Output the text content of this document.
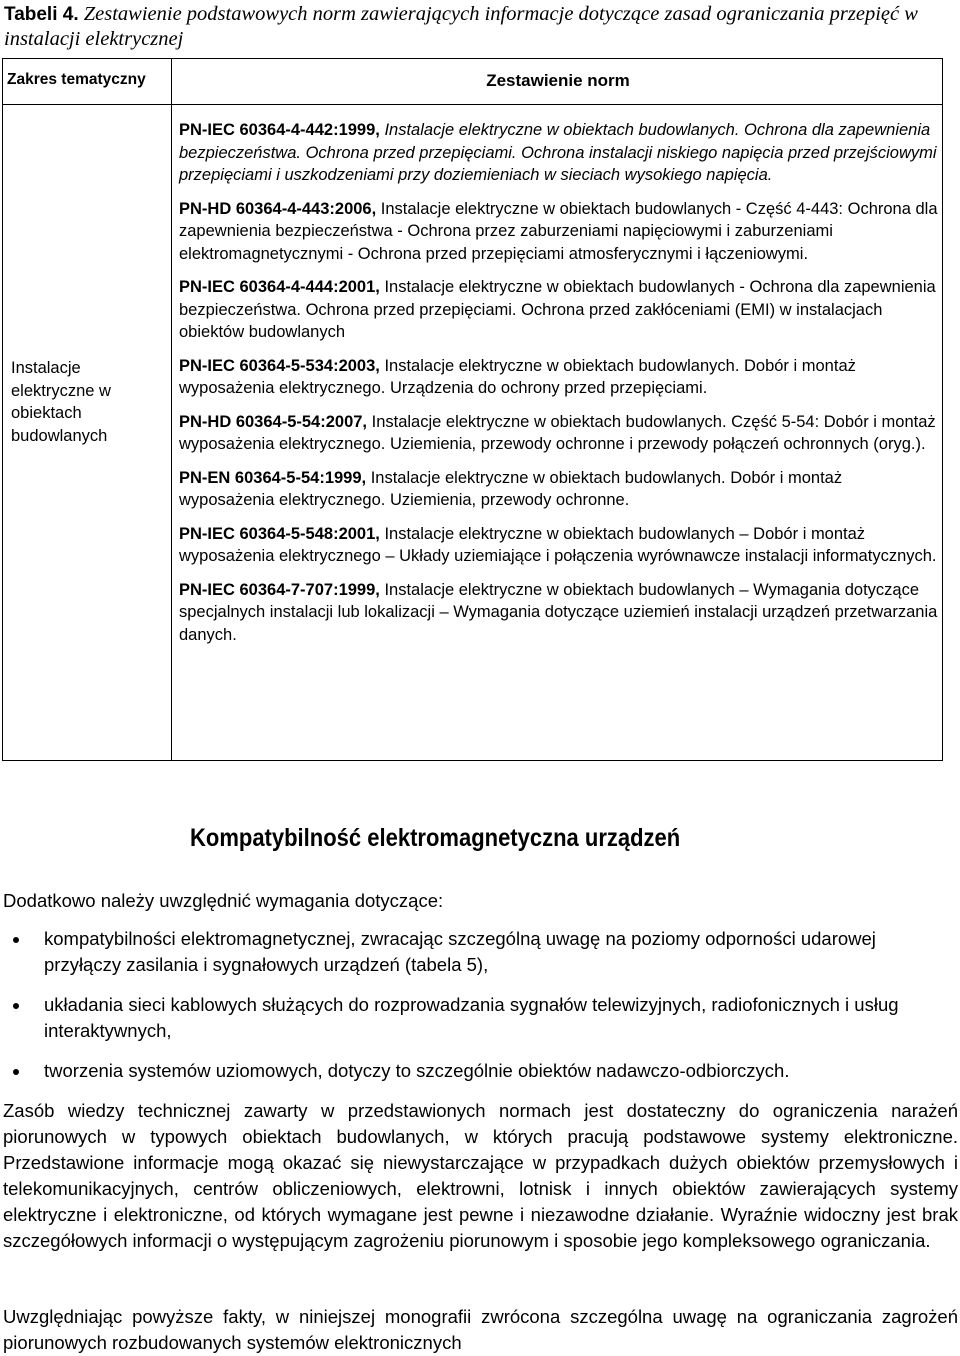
Tabeli 4. Zestawienie podstawowych norm zawierających informacje dotyczące zasad ograniczania przepięć w instalacji elektrycznej
Zakres tematyczny	Zestawienie norm
Instalacje elektryczne w obiektach budowlanych

PN-IEC 60364-4-442:1999, Instalacje elektryczne w obiektach budowlanych. Ochrona dla zapewnienia bezpieczeństwa. Ochrona przed przepięciami. Ochrona instalacji niskiego napięcia przed przejściowymi przepięciami i uszkodzeniami przy doziemieniach w sieciach wysokiego napięcia.

PN-HD 60364-4-443:2006, Instalacje elektryczne w obiektach budowlanych - Część 4-443: Ochrona dla zapewnienia bezpieczeństwa - Ochrona przez zaburzeniami napięciowymi i zaburzeniami elektromagnetycznymi - Ochrona przed przepięciami atmosferycznymi i łączeniowymi.

PN-IEC 60364-4-444:2001, Instalacje elektryczne w obiektach budowlanych - Ochrona dla zapewnienia bezpieczeństwa. Ochrona przed przepięciami. Ochrona przed zakłóceniami (EMI) w instalacjach obiektów budowlanych

PN-IEC 60364-5-534:2003, Instalacje elektryczne w obiektach budowlanych. Dobór i montaż wyposażenia elektrycznego. Urządzenia do ochrony przed przepięciami.

PN-HD 60364-5-54:2007, Instalacje elektryczne w obiektach budowlanych. Część 5-54: Dobór i montaż wyposażenia elektrycznego. Uziemienia, przewody ochronne i przewody połączeń ochronnych (oryg.).

PN-EN 60364-5-54:1999, Instalacje elektryczne w obiektach budowlanych. Dobór i montaż wyposażenia elektrycznego. Uziemienia, przewody ochronne.

PN-IEC 60364-5-548:2001, Instalacje elektryczne w obiektach budowlanych – Dobór i montaż wyposażenia elektrycznego – Układy uziemiające i połączenia wyrównawcze instalacji informatycznych.

PN-IEC 60364-7-707:1999, Instalacje elektryczne w obiektach budowlanych – Wymagania dotyczące specjalnych instalacji lub lokalizacji – Wymagania dotyczące uziemień instalacji urządzeń przetwarzania danych.

Kompatybilność elektromagnetyczna urządzeń
Dodatkowo należy uwzględnić wymagania dotyczące:
kompatybilności elektromagnetycznej, zwracając szczególną uwagę na poziomy odporności udarowej przyłączy zasilania i sygnałowych urządzeń (tabela 5),
układania sieci kablowych służących do rozprowadzania sygnałów telewizyjnych, radiofonicznych i usług interaktywnych,
tworzenia systemów uziomowych, dotyczy to szczególnie obiektów nadawczo-odbiorczych.
Zasób wiedzy technicznej zawarty w przedstawionych normach jest dostateczny do ograniczenia narażeń piorunowych w typowych obiektach budowlanych, w których pracują podstawowe systemy elektroniczne. Przedstawione informacje mogą okazać się niewystarczające w przypadkach dużych obiektów przemysłowych i telekomunikacyjnych, centrów obliczeniowych, elektrowni, lotnisk i innych obiektów zawierających systemy elektryczne i elektroniczne, od których wymagane jest pewne i niezawodne działanie. Wyraźnie widoczny jest brak szczegółowych informacji o występującym zagrożeniu piorunowym i sposobie jego kompleksowego ograniczania.
Uwzględniając powyższe fakty, w niniejszej monografii zwrócona szczególna uwagę na ograniczania zagrożeń piorunowych rozbudowanych systemów elektronicznych
